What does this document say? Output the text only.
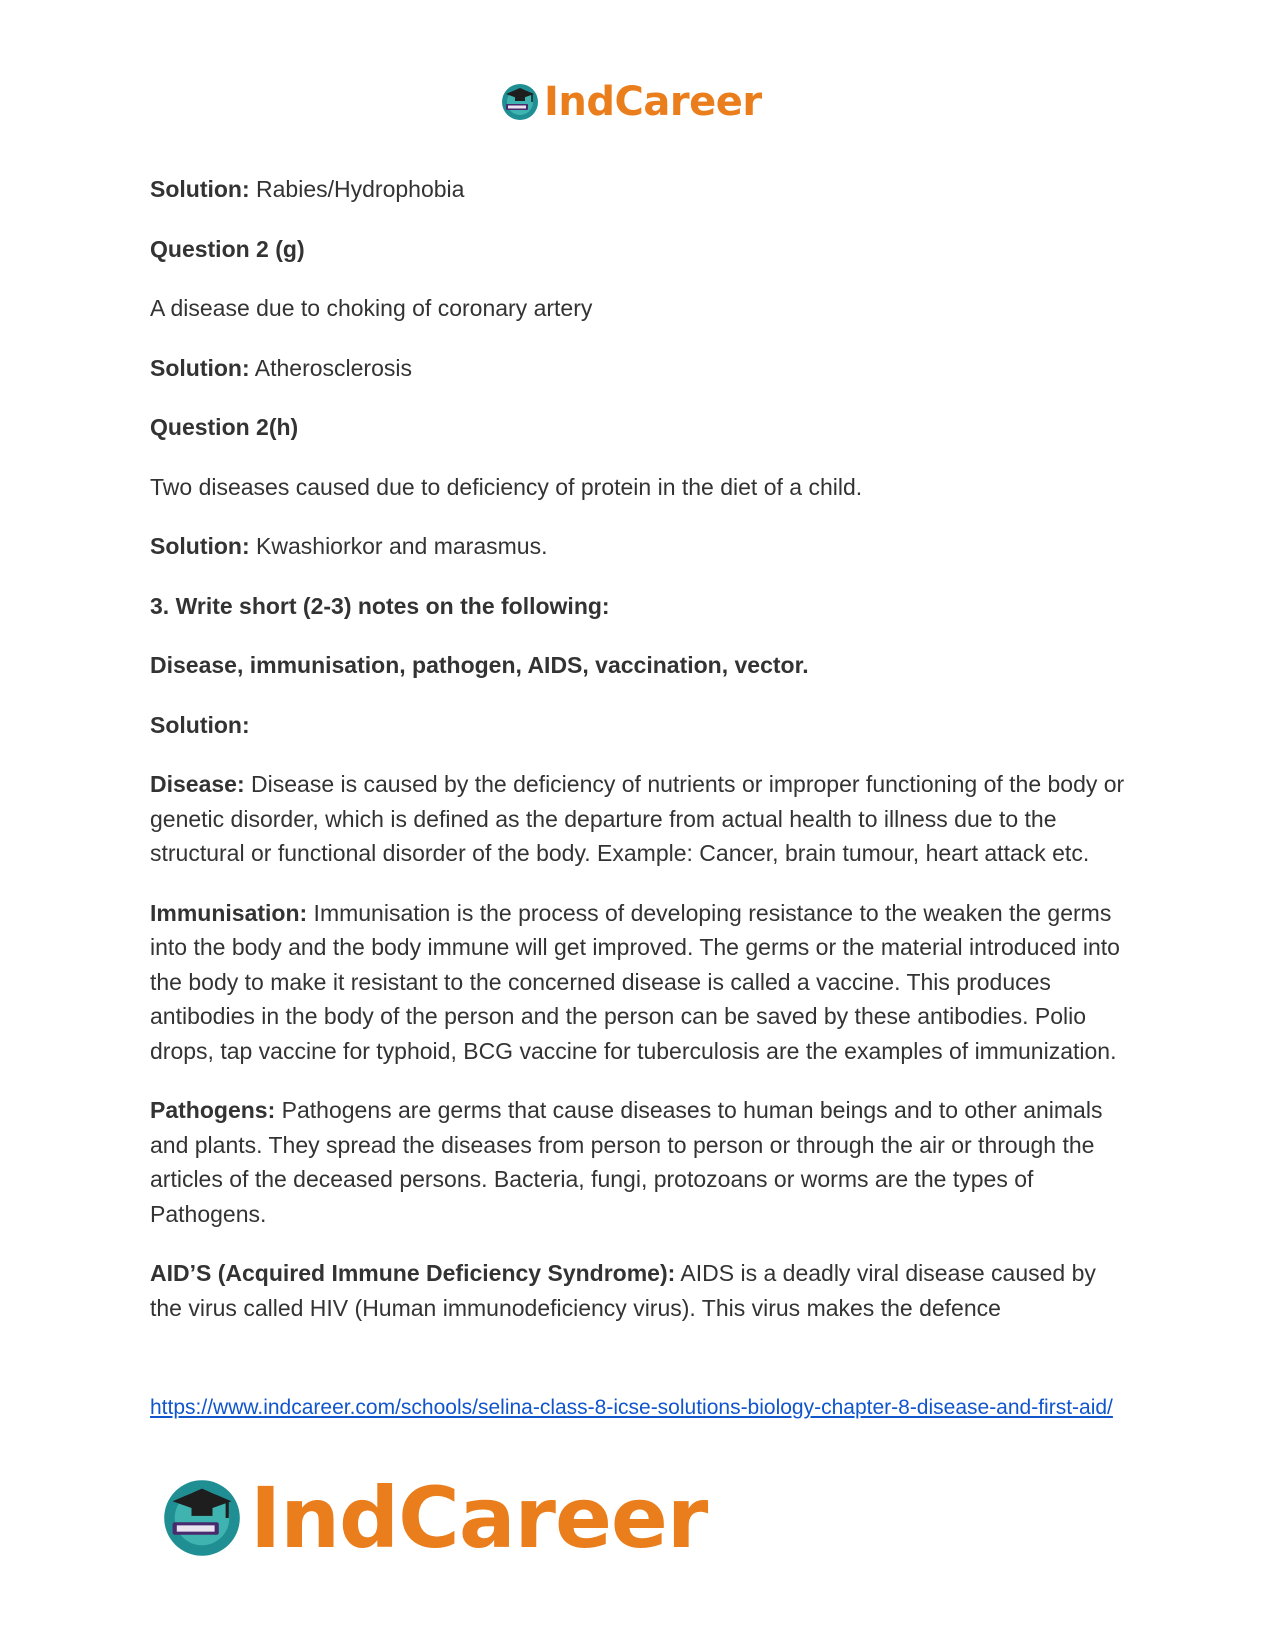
IndCareer

Solution: Rabies/Hydrophobia

Question 2 (g)

A disease due to choking of coronary artery

Solution: Atherosclerosis

Question 2(h)

Two diseases caused due to deficiency of protein in the diet of a child.

Solution: Kwashiorkor and marasmus.

3. Write short (2-3) notes on the following:

Disease, immunisation, pathogen, AIDS, vaccination, vector.

Solution:

Disease: Disease is caused by the deficiency of nutrients or improper functioning of the body or genetic disorder, which is defined as the departure from actual health to illness due to the structural or functional disorder of the body. Example: Cancer, brain tumour, heart attack etc.

Immunisation: Immunisation is the process of developing resistance to the weaken the germs into the body and the body immune will get improved. The germs or the material introduced into the body to make it resistant to the concerned disease is called a vaccine. This produces antibodies in the body of the person and the person can be saved by these antibodies. Polio drops, tap vaccine for typhoid, BCG vaccine for tuberculosis are the examples of immunization.

Pathogens: Pathogens are germs that cause diseases to human beings and to other animals and plants. They spread the diseases from person to person or through the air or through the articles of the deceased persons. Bacteria, fungi, protozoans or worms are the types of Pathogens.

AID’S (Acquired Immune Deficiency Syndrome): AIDS is a deadly viral disease caused by the virus called HIV (Human immunodeficiency virus). This virus makes the defence

https://www.indcareer.com/schools/selina-class-8-icse-solutions-biology-chapter-8-disease-and-first-aid/
IndCareer
